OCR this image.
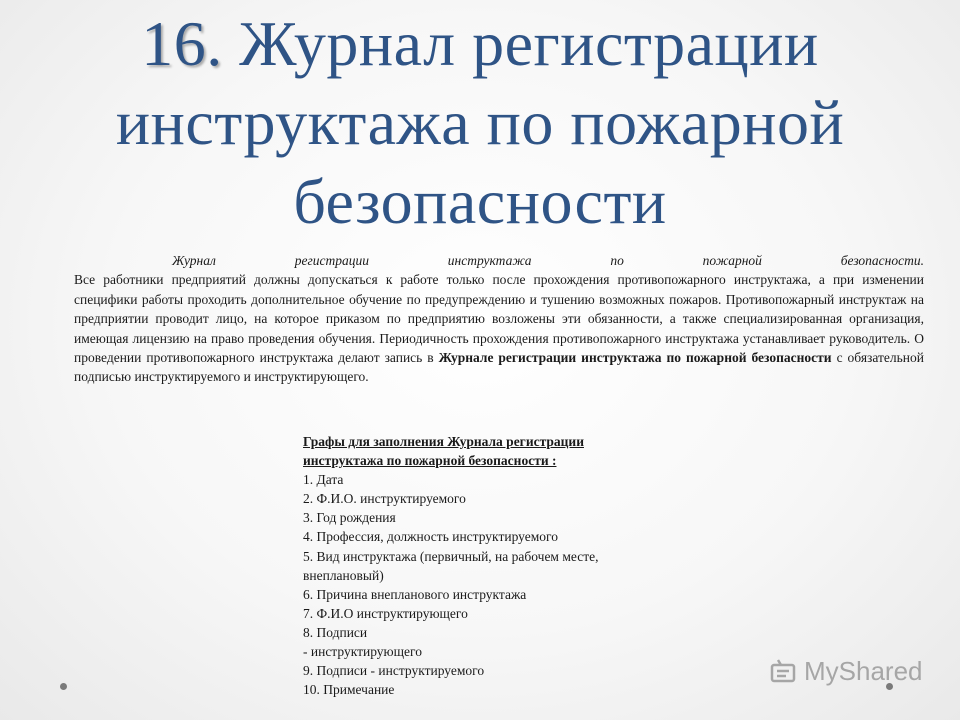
16. Журнал регистрации инструктажа по пожарной безопасности
Журнал регистрации инструктажа по пожарной безопасности.
Все работники предприятий должны допускаться к работе только после прохождения противопожарного инструктажа, а при изменении специфики работы проходить дополнительное обучение по предупреждению и тушению возможных пожаров. Противопожарный инструктаж на предприятии проводит лицо, на которое приказом по предприятию возложены эти обязанности, а также специализированная организация, имеющая лицензию на право проведения обучения. Периодичность прохождения противопожарного инструктажа устанавливает руководитель. О проведении противопожарного инструктажа делают запись в Журнале регистрации инструктажа по пожарной безопасности с обязательной подписью инструктируемого и инструктирующего.
Графы для заполнения Журнала регистрации
инструктажа по пожарной безопасности :
1. Дата
2. Ф.И.О. инструктируемого
3. Год рождения
4. Профессия, должность инструктируемого
5. Вид инструктажа (первичный, на рабочем месте,
внеплановый)
6. Причина внепланового инструктажа
7. Ф.И.О инструктирующего
8. Подписи
- инструктирующего
9. Подписи - инструктируемого
10. Примечание
MyShared
